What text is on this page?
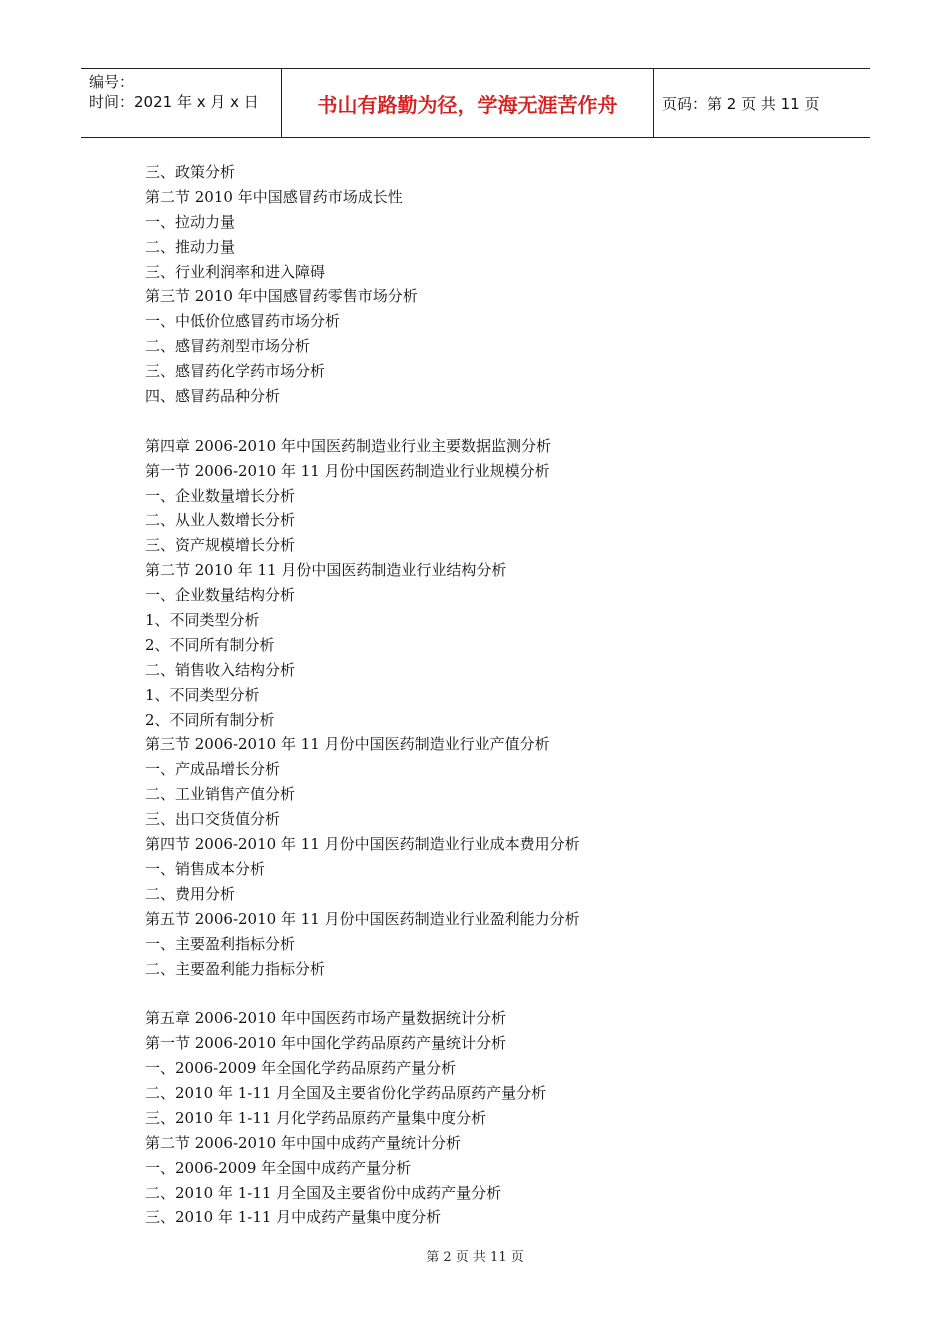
编号：
时间：2021 年 x 月 x 日	书山有路勤为径，学海无涯苦作舟	页码：第 2 页 共 11 页
三、政策分析
第二节 2010 年中国感冒药市场成长性
一、拉动力量
二、推动力量
三、行业利润率和进入障碍
第三节 2010 年中国感冒药零售市场分析
一、中低价位感冒药市场分析
二、感冒药剂型市场分析
三、感冒药化学药市场分析
四、感冒药品种分析
第四章 2006-2010 年中国医药制造业行业主要数据监测分析
第一节 2006-2010 年 11 月份中国医药制造业行业规模分析
一、企业数量增长分析
二、从业人数增长分析
三、资产规模增长分析
第二节 2010 年 11 月份中国医药制造业行业结构分析
一、企业数量结构分析
1、不同类型分析
2、不同所有制分析
二、销售收入结构分析
1、不同类型分析
2、不同所有制分析
第三节 2006-2010 年 11 月份中国医药制造业行业产值分析
一、产成品增长分析
二、工业销售产值分析
三、出口交货值分析
第四节 2006-2010 年 11 月份中国医药制造业行业成本费用分析
一、销售成本分析
二、费用分析
第五节 2006-2010 年 11 月份中国医药制造业行业盈利能力分析
一、主要盈利指标分析
二、主要盈利能力指标分析
第五章 2006-2010 年中国医药市场产量数据统计分析
第一节 2006-2010 年中国化学药品原药产量统计分析
一、2006-2009 年全国化学药品原药产量分析
二、2010 年 1-11 月全国及主要省份化学药品原药产量分析
三、2010 年 1-11 月化学药品原药产量集中度分析
第二节 2006-2010 年中国中成药产量统计分析
一、2006-2009 年全国中成药产量分析
二、2010 年 1-11 月全国及主要省份中成药产量分析
三、2010 年 1-11 月中成药产量集中度分析
第 2 页 共 11 页
